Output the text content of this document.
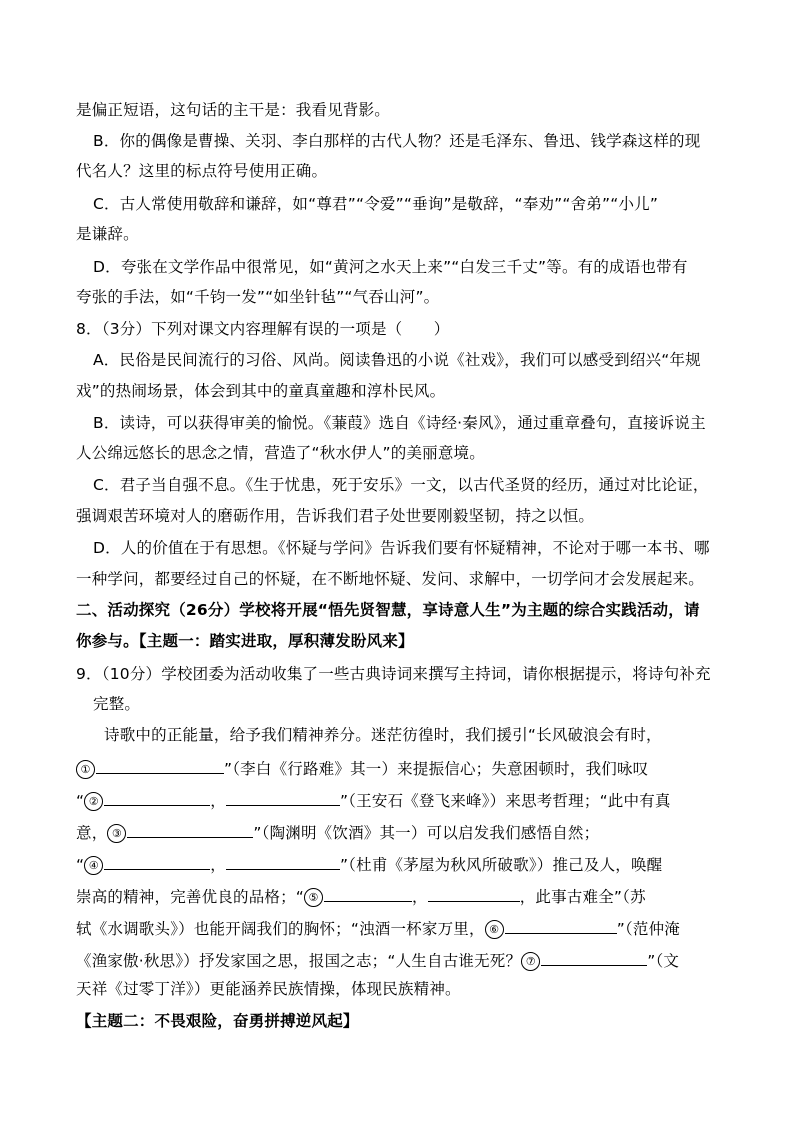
是偏正短语，这句话的主干是：我看见背影。
B．你的偶像是曹操、关羽、李白那样的古代人物？还是毛泽东、鲁迅、钱学森这样的现
代名人？这里的标点符号使用正确。
C．古人常使用敬辞和谦辞，如“尊君”“令爱”“垂询”是敬辞，“奉劝”“舍弟”“小儿”
是谦辞。
D．夸张在文学作品中很常见，如“黄河之水天上来”“白发三千丈”等。有的成语也带有
夸张的手法，如“千钧一发”“如坐针毡”“气吞山河”。
8．（3分）下列对课文内容理解有误的一项是（　　）
A．民俗是民间流行的习俗、风尚。阅读鲁迅的小说《社戏》，我们可以感受到绍兴“年规
戏”的热闹场景，体会到其中的童真童趣和淳朴民风。
B．读诗，可以获得审美的愉悦。《蒹葭》选自《诗经·秦风》，通过重章叠句，直接诉说主
人公绵远悠长的思念之情，营造了“秋水伊人”的美丽意境。
C．君子当自强不息。《生于忧患，死于安乐》一文，以古代圣贤的经历，通过对比论证，
强调艰苦环境对人的磨砺作用，告诉我们君子处世要刚毅坚韧，持之以恒。
D．人的价值在于有思想。《怀疑与学问》告诉我们要有怀疑精神，不论对于哪一本书、哪
一种学问，都要经过自己的怀疑，在不断地怀疑、发问、求解中，一切学问才会发展起来。
二、活动探究（26分）学校将开展“悟先贤智慧，享诗意人生”为主题的综合实践活动，请
你参与。【主题一：踏实进取，厚积薄发盼风来】
9．（10分）学校团委为活动收集了一些古典诗词来撰写主持词，请你根据提示，将诗句补充
完整。
诗歌中的正能量，给予我们精神养分。迷茫彷徨时，我们援引“长风破浪会有时，
①	”（李白《行路难》其一）来提振信心；失意困顿时，我们咏叹
“ ②	，	”（王安石《登飞来峰》）来思考哲理；“此中有真
意， ③	”（陶渊明《饮酒》其一）可以启发我们感悟自然；
“ ④	，	”（杜甫《茅屋为秋风所破歌》）推己及人，唤醒
崇高的精神，完善优良的品格；“ ⑤	，	，此事古难全”（苏
轼《水调歌头》）也能开阔我们的胸怀；“浊酒一杯家万里， ⑥	”（范仲淹
《渔家傲·秋思》）抒发家国之思，报国之志；“人生自古谁无死？ ⑦	”（文
天祥《过零丁洋》）更能涵养民族情操，体现民族精神。
【主题二：不畏艰险，奋勇拼搏逆风起】
